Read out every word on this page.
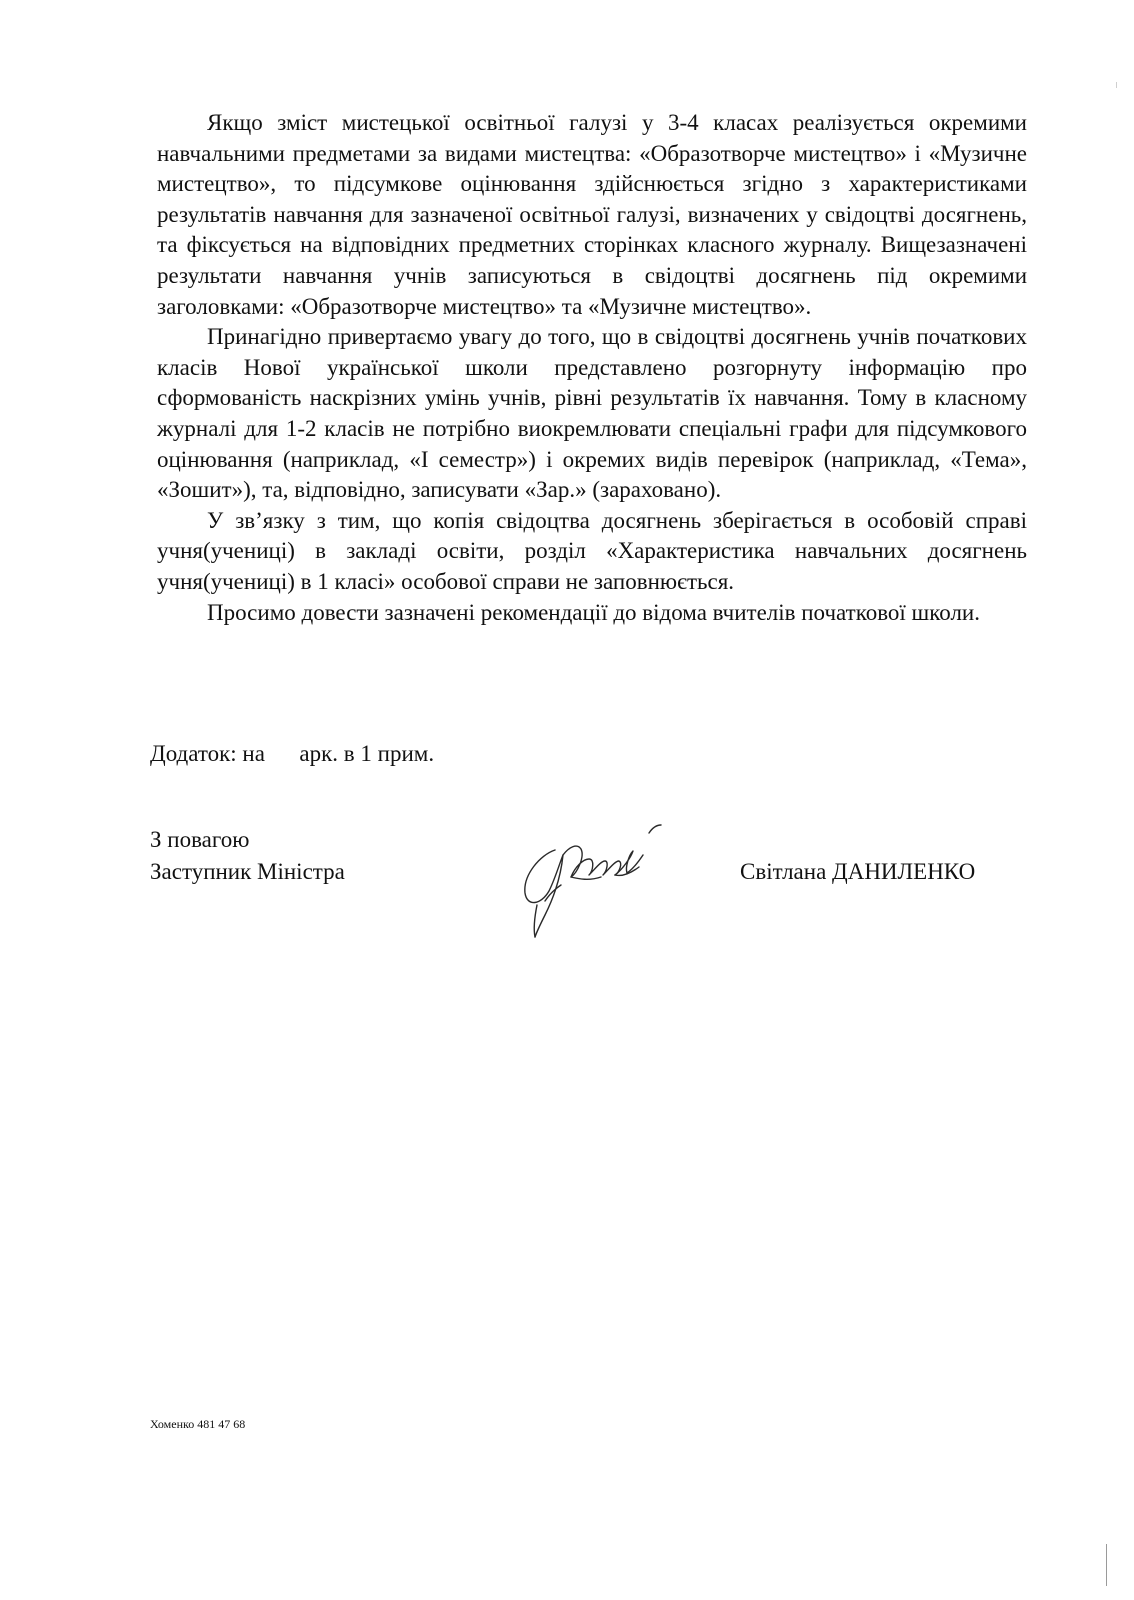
Якщо зміст мистецької освітньої галузі у 3-4 класах реалізується окремими навчальними предметами за видами мистецтва: «Образотворче мистецтво» і «Музичне мистецтво», то підсумкове оцінювання здійснюється згідно з характеристиками результатів навчання для зазначеної освітньої галузі, визначених у свідоцтві досягнень, та фіксується на відповідних предметних сторінках класного журналу. Вищезазначені результати навчання учнів записуються в свідоцтві досягнень під окремими заголовками: «Образотворче мистецтво» та «Музичне мистецтво».

Принагідно привертаємо увагу до того, що в свідоцтві досягнень учнів початкових класів Нової української школи представлено розгорнуту інформацію про сформованість наскрізних умінь учнів, рівні результатів їх навчання. Тому в класному журналі для 1-2 класів не потрібно виокремлювати спеціальні графи для підсумкового оцінювання (наприклад, «І семестр») і окремих видів перевірок (наприклад, «Тема», «Зошит»), та, відповідно, записувати «Зар.» (зараховано).

У зв’язку з тим, що копія свідоцтва досягнень зберігається в особовій справі учня(учениці) в закладі освіти, розділ «Характеристика навчальних досягнень учня(учениці) в 1 класі» особової справи не заповнюється.

Просимо довести зазначені рекомендації до відома вчителів початкової школи.

Додаток: на      арк. в 1 прим.
З повагою
Заступник Міністра	Світлана ДАНИЛЕНКО
Хоменко 481 47 68
